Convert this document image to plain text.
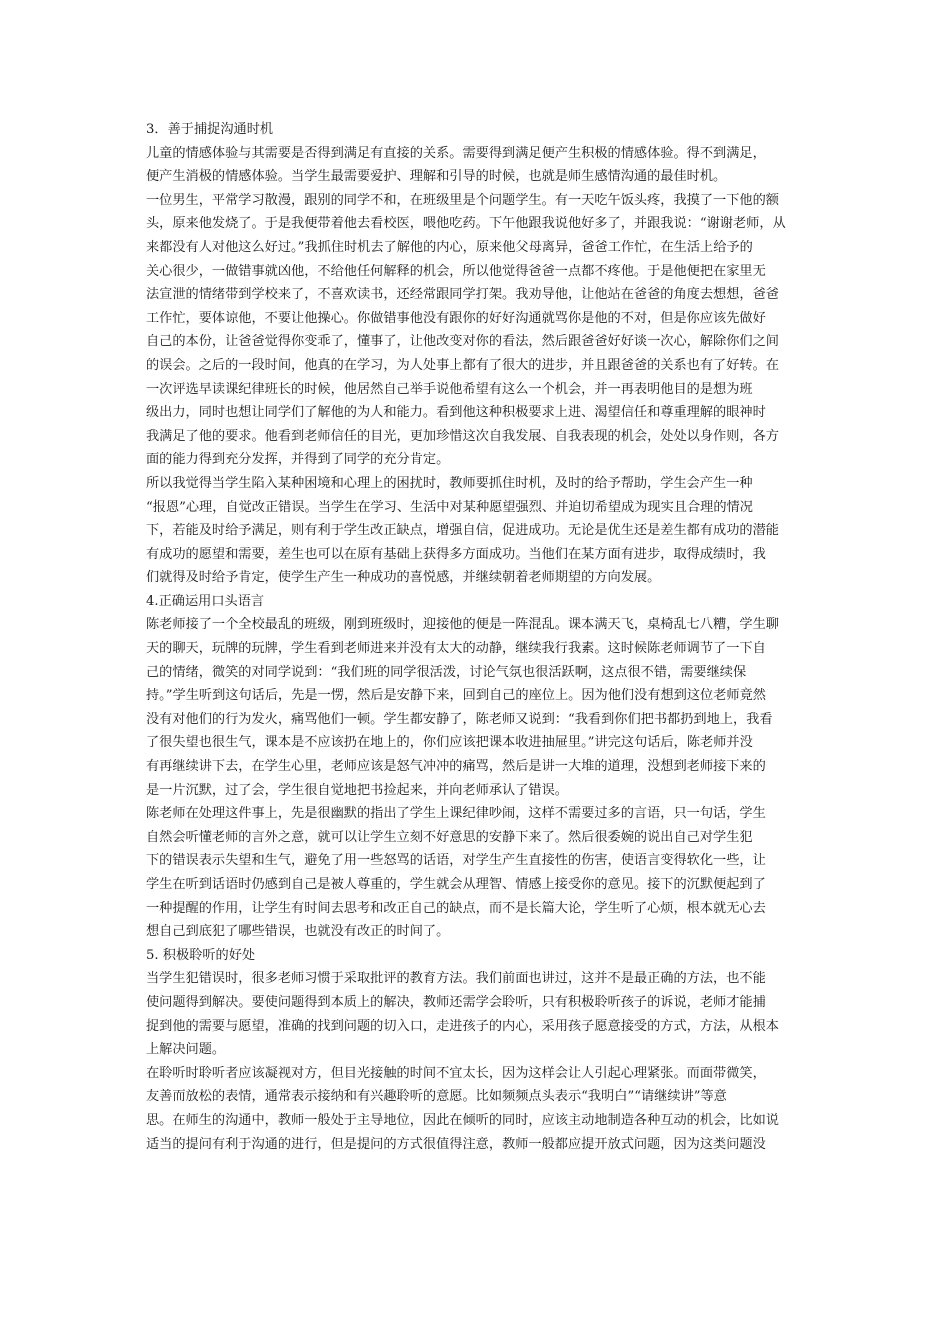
3．善于捕捉沟通时机
儿童的情感体验与其需要是否得到满足有直接的关系。需要得到满足便产生积极的情感体验。得不到满足，
便产生消极的情感体验。当学生最需要爱护、理解和引导的时候，也就是师生感情沟通的最佳时机。
一位男生，平常学习散漫，跟别的同学不和，在班级里是个问题学生。有一天吃午饭头疼，我摸了一下他的额
头，原来他发烧了。于是我便带着他去看校医，喂他吃药。下午他跟我说他好多了，并跟我说：“谢谢老师，从
来都没有人对他这么好过。”我抓住时机去了解他的内心，原来他父母离异，爸爸工作忙，在生活上给予的
关心很少，一做错事就凶他，不给他任何解释的机会，所以他觉得爸爸一点都不疼他。于是他便把在家里无
法宣泄的情绪带到学校来了，不喜欢读书，还经常跟同学打架。我劝导他，让他站在爸爸的角度去想想，爸爸
工作忙，要体谅他，不要让他操心。你做错事他没有跟你的好好沟通就骂你是他的不对，但是你应该先做好
自己的本份，让爸爸觉得你变乖了，懂事了，让他改变对你的看法，然后跟爸爸好好谈一次心，解除你们之间
的误会。之后的一段时间，他真的在学习，为人处事上都有了很大的进步，并且跟爸爸的关系也有了好转。在
一次评选早读课纪律班长的时候，他居然自己举手说他希望有这么一个机会，并一再表明他目的是想为班
级出力，同时也想让同学们了解他的为人和能力。看到他这种积极要求上进、渴望信任和尊重理解的眼神时
我满足了他的要求。他看到老师信任的目光，更加珍惜这次自我发展、自我表现的机会，处处以身作则，各方
面的能力得到充分发挥，并得到了同学的充分肯定。
所以我觉得当学生陷入某种困境和心理上的困扰时，教师要抓住时机，及时的给予帮助，学生会产生一种
“报恩”心理，自觉改正错误。当学生在学习、生活中对某种愿望强烈、并迫切希望成为现实且合理的情况
下，若能及时给予满足，则有利于学生改正缺点，增强自信，促进成功。无论是优生还是差生都有成功的潜能
有成功的愿望和需要，差生也可以在原有基础上获得多方面成功。当他们在某方面有进步，取得成绩时，我
们就得及时给予肯定，使学生产生一种成功的喜悦感，并继续朝着老师期望的方向发展。
4.正确运用口头语言
陈老师接了一个全校最乱的班级，刚到班级时，迎接他的便是一阵混乱。课本满天飞，桌椅乱七八糟，学生聊
天的聊天，玩牌的玩牌，学生看到老师进来并没有太大的动静，继续我行我素。这时候陈老师调节了一下自
己的情绪，微笑的对同学说到：“我们班的同学很活泼，讨论气氛也很活跃啊，这点很不错，需要继续保
持。”学生听到这句话后，先是一愣，然后是安静下来，回到自己的座位上。因为他们没有想到这位老师竟然
没有对他们的行为发火，痛骂他们一顿。学生都安静了，陈老师又说到：“我看到你们把书都扔到地上，我看
了很失望也很生气，课本是不应该扔在地上的，你们应该把课本收进抽屉里。”讲完这句话后，陈老师并没
有再继续讲下去，在学生心里，老师应该是怒气冲冲的痛骂，然后是讲一大堆的道理，没想到老师接下来的
是一片沉默，过了会，学生很自觉地把书捡起来，并向老师承认了错误。
陈老师在处理这件事上，先是很幽默的指出了学生上课纪律吵闹，这样不需要过多的言语，只一句话，学生
自然会听懂老师的言外之意，就可以让学生立刻不好意思的安静下来了。然后很委婉的说出自己对学生犯
下的错误表示失望和生气，避免了用一些怒骂的话语，对学生产生直接性的伤害，使语言变得软化一些，让
学生在听到话语时仍感到自己是被人尊重的，学生就会从理智、情感上接受你的意见。接下的沉默便起到了
一种提醒的作用，让学生有时间去思考和改正自己的缺点，而不是长篇大论，学生听了心烦，根本就无心去
想自己到底犯了哪些错误，也就没有改正的时间了。
5. 积极聆听的好处
当学生犯错误时，很多老师习惯于采取批评的教育方法。我们前面也讲过，这并不是最正确的方法，也不能
使问题得到解决。要使问题得到本质上的解决，教师还需学会聆听，只有积极聆听孩子的诉说，老师才能捕
捉到他的需要与愿望，准确的找到问题的切入口，走进孩子的内心，采用孩子愿意接受的方式，方法，从根本
上解决问题。
在聆听时聆听者应该凝视对方，但目光接触的时间不宜太长，因为这样会让人引起心理紧张。而面带微笑，
友善而放松的表情，通常表示接纳和有兴趣聆听的意愿。比如频频点头表示“我明白”“请继续讲”等意
思。在师生的沟通中，教师一般处于主导地位，因此在倾听的同时，应该主动地制造各种互动的机会，比如说
适当的提问有利于沟通的进行，但是提问的方式很值得注意，教师一般都应提开放式问题，因为这类问题没
